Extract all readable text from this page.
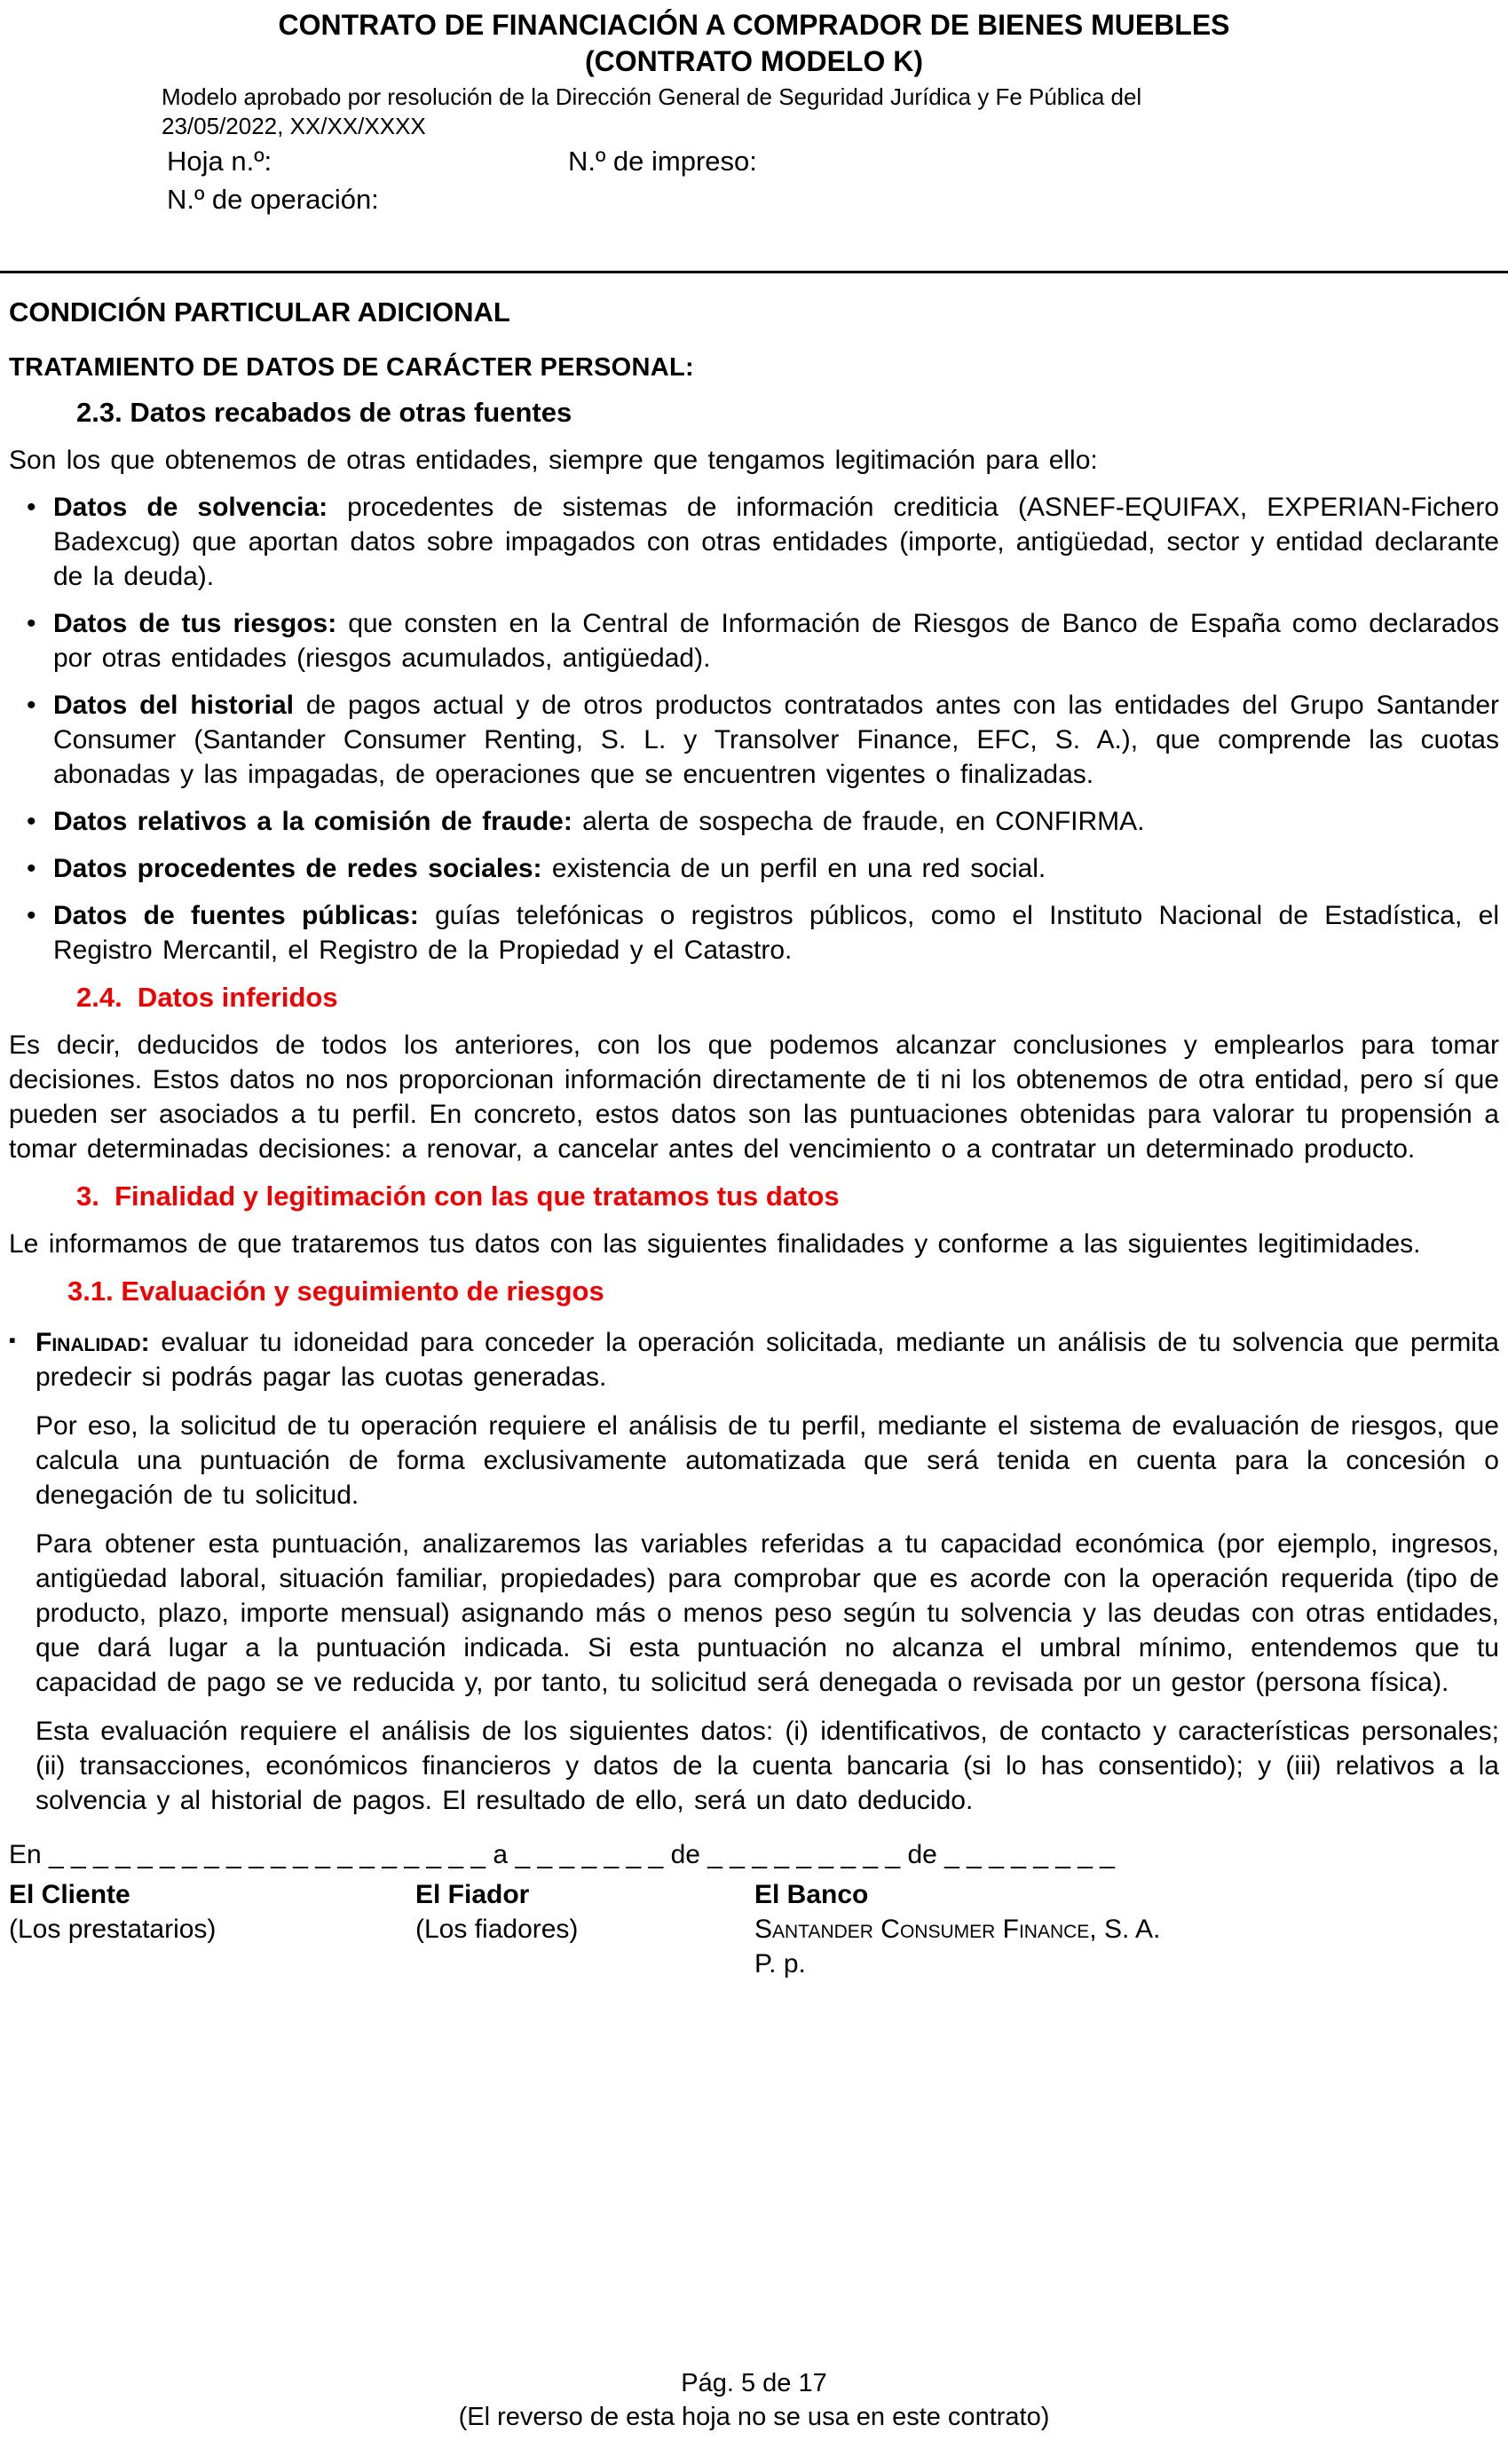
CONTRATO DE FINANCIACIÓN A COMPRADOR DE BIENES MUEBLES
(CONTRATO MODELO K)
Modelo aprobado por resolución de la Dirección General de Seguridad Jurídica y Fe Pública del
23/05/2022, XX/XX/XXXX
Hoja n.º:	N.º de impreso:
N.º de operación:
CONDICIÓN PARTICULAR ADICIONAL
TRATAMIENTO DE DATOS DE CARÁCTER PERSONAL:
2.3. Datos recabados de otras fuentes

Son los que obtenemos de otras entidades, siempre que tengamos legitimación para ello:

• Datos de solvencia: procedentes de sistemas de información crediticia (ASNEF-EQUIFAX, EXPERIAN-Fichero Badexcug) que aportan datos sobre impagados con otras entidades (importe, antigüedad, sector y entidad declarante de la deuda).
• Datos de tus riesgos: que consten en la Central de Información de Riesgos de Banco de España como declarados por otras entidades (riesgos acumulados, antigüedad).
• Datos del historial de pagos actual y de otros productos contratados antes con las entidades del Grupo Santander Consumer (Santander Consumer Renting, S. L. y Transolver Finance, EFC, S. A.), que comprende las cuotas abonadas y las impagadas, de operaciones que se encuentren vigentes o finalizadas.
• Datos relativos a la comisión de fraude: alerta de sospecha de fraude, en CONFIRMA.
• Datos procedentes de redes sociales: existencia de un perfil en una red social.
• Datos de fuentes públicas: guías telefónicas o registros públicos, como el Instituto Nacional de Estadística, el Registro Mercantil, el Registro de la Propiedad y el Catastro.
2.4.  Datos inferidos

Es decir, deducidos de todos los anteriores, con los que podemos alcanzar conclusiones y emplearlos para tomar decisiones. Estos datos no nos proporcionan información directamente de ti ni los obtenemos de otra entidad, pero sí que pueden ser asociados a tu perfil. En concreto, estos datos son las puntuaciones obtenidas para valorar tu propensión a tomar determinadas decisiones: a renovar, a cancelar antes del vencimiento o a contratar un determinado producto.

3.  Finalidad y legitimación con las que tratamos tus datos

Le informamos de que trataremos tus datos con las siguientes finalidades y conforme a las siguientes legitimidades.

3.1. Evaluación y seguimiento de riesgos
▪ Finalidad: evaluar tu idoneidad para conceder la operación solicitada, mediante un análisis de tu solvencia que permita predecir si podrás pagar las cuotas generadas.

Por eso, la solicitud de tu operación requiere el análisis de tu perfil, mediante el sistema de evaluación de riesgos, que calcula una puntuación de forma exclusivamente automatizada que será tenida en cuenta para la concesión o denegación de tu solicitud.

Para obtener esta puntuación, analizaremos las variables referidas a tu capacidad económica (por ejemplo, ingresos, antigüedad laboral, situación familiar, propiedades) para comprobar que es acorde con la operación requerida (tipo de producto, plazo, importe mensual) asignando más o menos peso según tu solvencia y las deudas con otras entidades, que dará lugar a la puntuación indicada. Si esta puntuación no alcanza el umbral mínimo, entendemos que tu capacidad de pago se ve reducida y, por tanto, tu solicitud será denegada o revisada por un gestor (persona física).

Esta evaluación requiere el análisis de los siguientes datos: (i) identificativos, de contacto y características personales; (ii) transacciones, económicos financieros y datos de la cuenta bancaria (si lo has consentido); y (iii) relativos a la solvencia y al historial de pagos. El resultado de ello, será un dato deducido.

En _ _ _ _ _ _ _ _ _ _ _ _ _ _ _ _ _ _ _ _ a _ _ _ _ _ _ _ de _ _ _ _ _ _ _ _ _ de _ _ _ _ _ _ _ _
El Cliente
(Los prestatarios)
El Fiador
(Los fiadores)
El Banco
Santander Consumer Finance, S. A.
P. p.
Pág. 5 de 17
(El reverso de esta hoja no se usa en este contrato)
